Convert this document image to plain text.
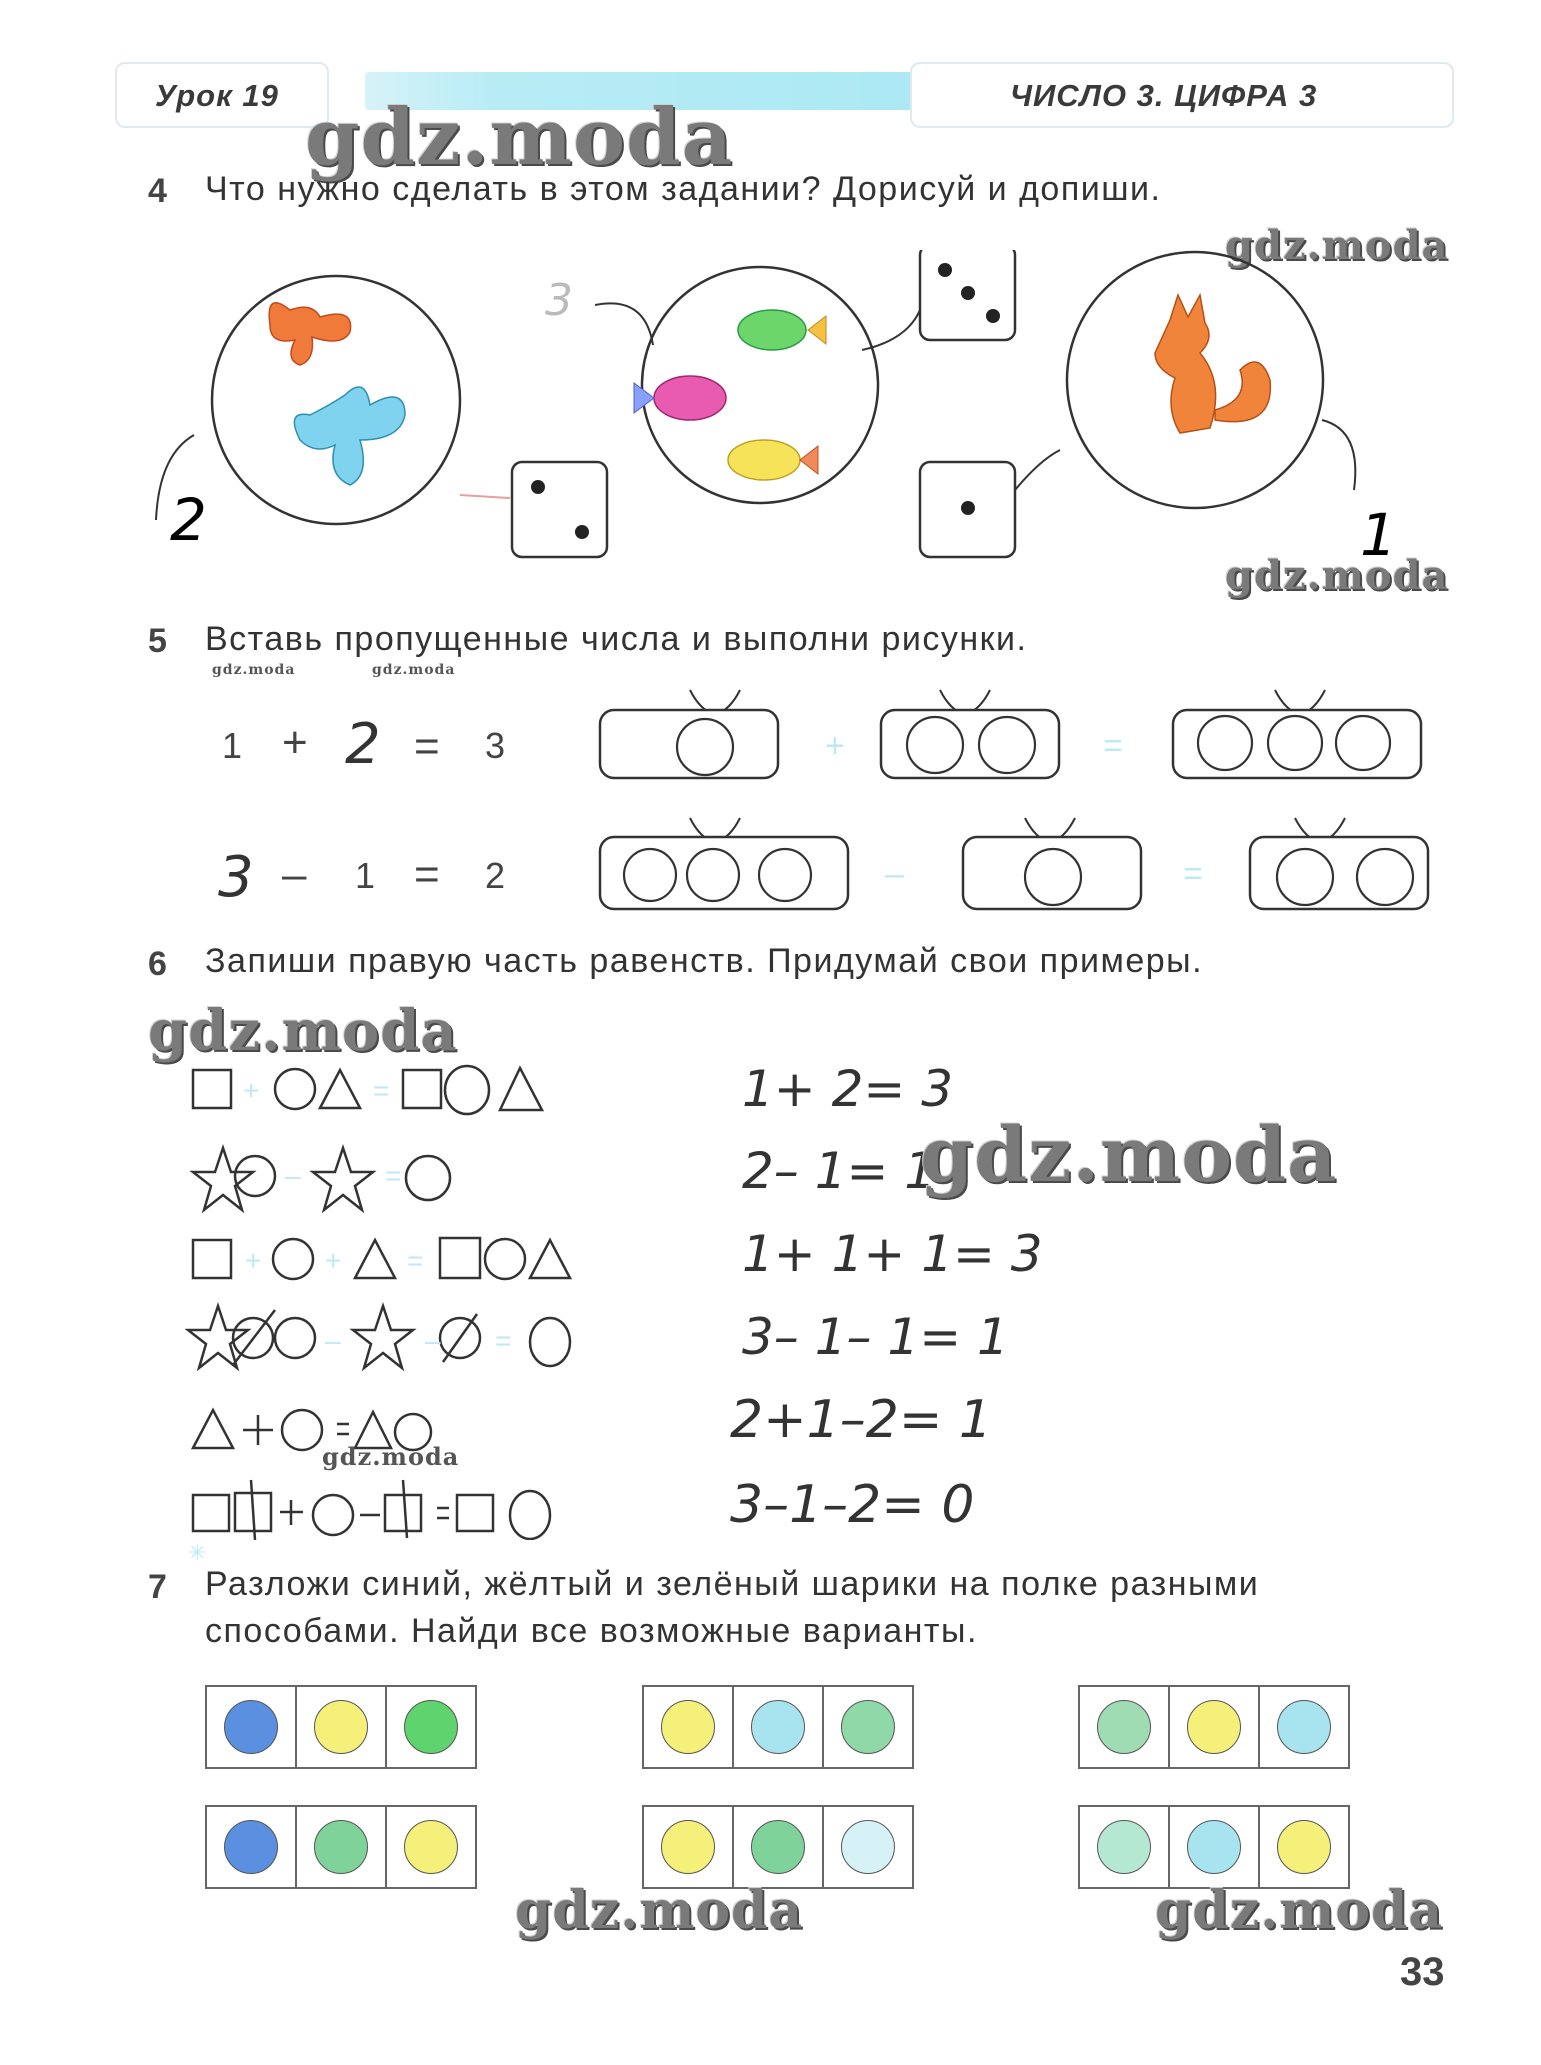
Урок 19	ЧИСЛО 3. ЦИФРА 3
gdz.moda
4 Что нужно сделать в этом задании? Дорисуй и допиши.
gdz.moda
2
3
1
gdz.moda
5 Вставь пропущенные числа и выполни рисунки.
gdz.moda	gdz.moda
1 + 2 = 3
3 – 1 = 2
+	=
–	=
6 Запиши правую часть равенств. Придумай свои примеры.
gdz.moda
+	=
–	=
+ + =
–	– =
gdz.moda
1+ 2= 3
2– 1= 1
1+ 1+ 1= 3
3– 1– 1= 1
2+1–2= 1
3–1–2= 0
gdz.moda
✳
7 Разложи синий, жёлтый и зелёный шарики на полке разными
способами. Найди все возможные варианты.
gdz.moda	gdz.moda
33
